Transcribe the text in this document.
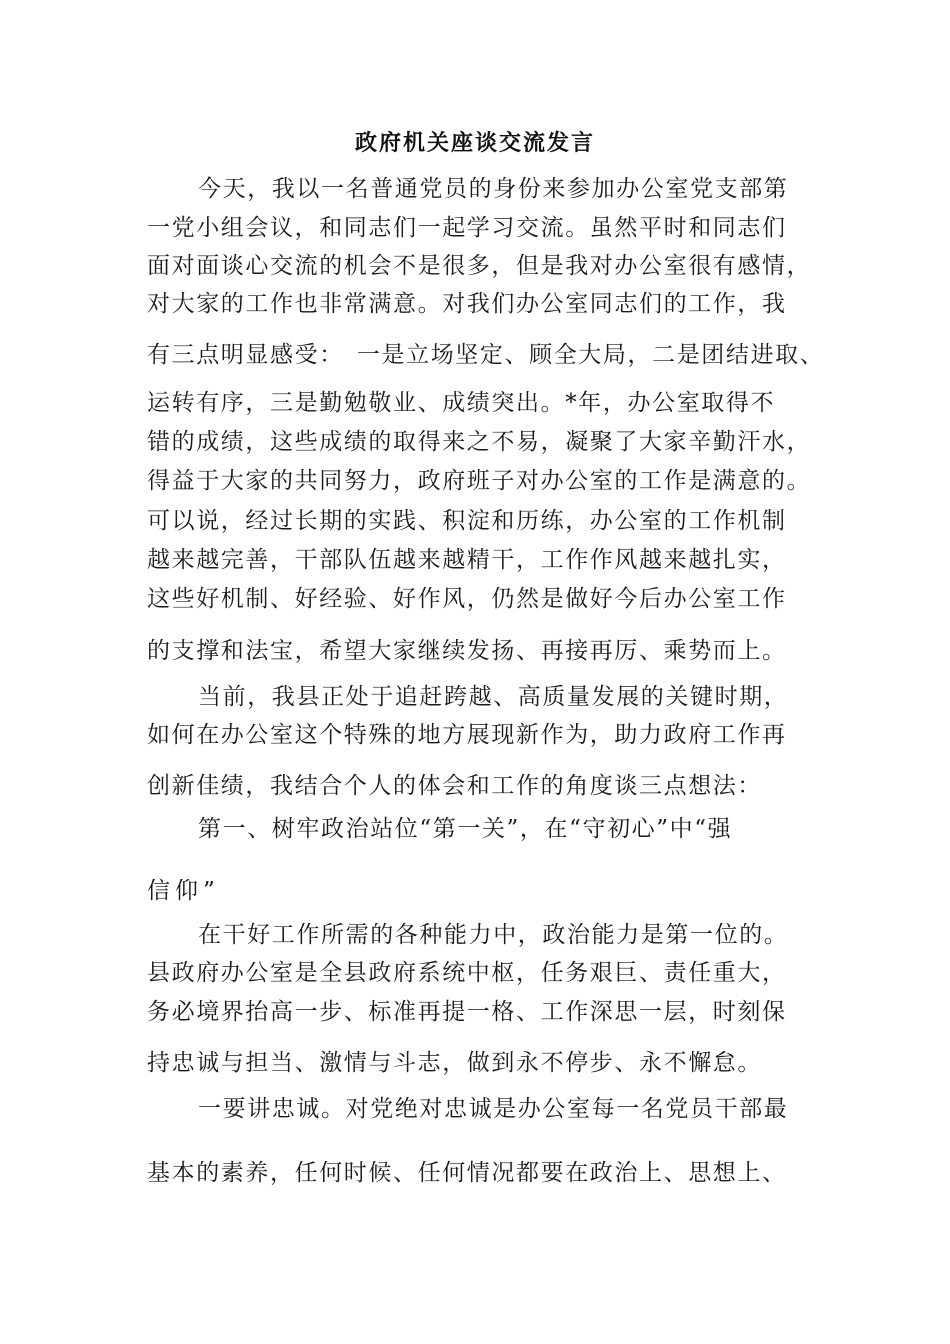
政府机关座谈交流发言
今天，我以一名普通党员的身份来参加办公室党支部第
一党小组会议，和同志们一起学习交流。虽然平时和同志们
面对面谈心交流的机会不是很多，但是我对办公室很有感情，
对大家的工作也非常满意。对我们办公室同志们的工作，我
有三点明显感受：　一是立场坚定、顾全大局，二是团结进取、
运转有序，三是勤勉敬业、成绩突出。*年，办公室取得不
错的成绩，这些成绩的取得来之不易，凝聚了大家辛勤汗水，
得益于大家的共同努力，政府班子对办公室的工作是满意的。
可以说，经过长期的实践、积淀和历练，办公室的工作机制
越来越完善，干部队伍越来越精干，工作作风越来越扎实，
这些好机制、好经验、好作风，仍然是做好今后办公室工作
的支撑和法宝，希望大家继续发扬、再接再厉、乘势而上。
当前，我县正处于追赶跨越、高质量发展的关键时期，
如何在办公室这个特殊的地方展现新作为，助力政府工作再
创新佳绩，我结合个人的体会和工作的角度谈三点想法：
第一、树牢政治站位“第一关”，在“守初心”中“强
信仰”
在干好工作所需的各种能力中，政治能力是第一位的。
县政府办公室是全县政府系统中枢，任务艰巨、责任重大，
务必境界抬高一步、标准再提一格、工作深思一层，时刻保
持忠诚与担当、激情与斗志，做到永不停步、永不懈怠。
一要讲忠诚。对党绝对忠诚是办公室每一名党员干部最
基本的素养，任何时候、任何情况都要在政治上、思想上、
